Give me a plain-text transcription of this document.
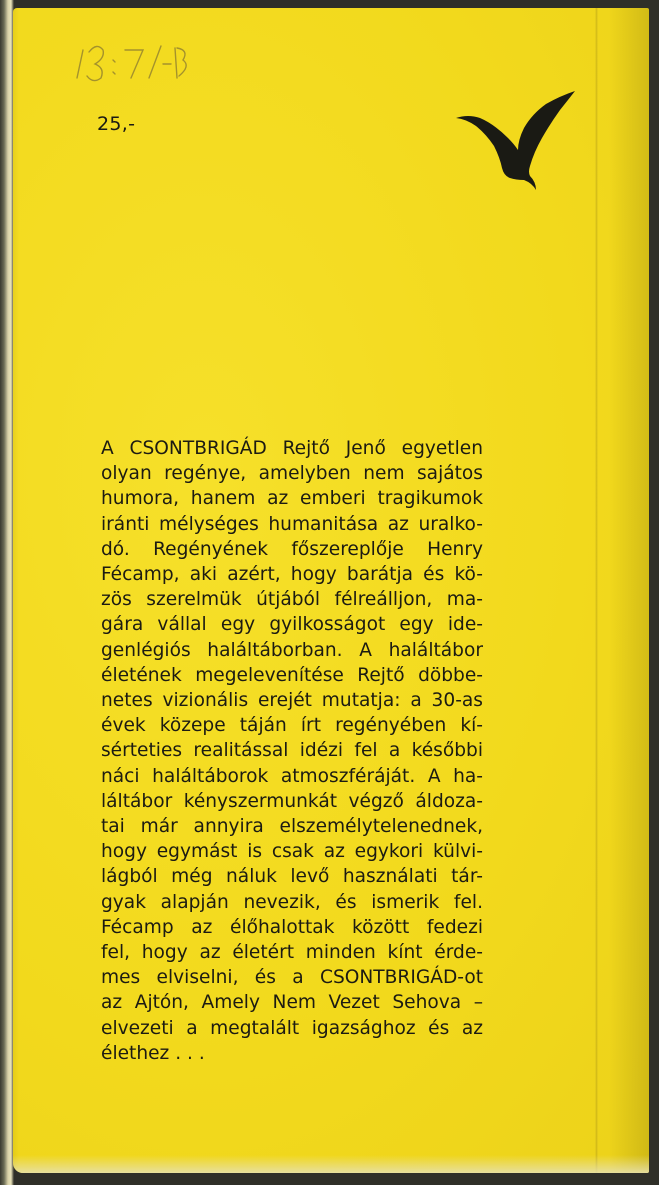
25,-
A CSONTBRIGÁD Rejtő Jenő egyetlen
olyan regénye, amelyben nem sajátos
humora, hanem az emberi tragikumok
iránti mélységes humanitása az uralko-
dó. Regényének főszereplője Henry
Fécamp, aki azért, hogy barátja és kö-
zös szerelmük útjából félreálljon, ma-
gára vállal egy gyilkosságot egy ide-
genlégiós haláltáborban. A haláltábor
életének megelevenítése Rejtő döbbe-
netes vizionális erejét mutatja: a 30-as
évek közepe táján írt regényében kí-
sérteties realitással idézi fel a későbbi
náci haláltáborok atmoszféráját. A ha-
láltábor kényszermunkát végző áldoza-
tai már annyira elszemélytelenednek,
hogy egymást is csak az egykori külvi-
lágból még náluk levő használati tár-
gyak alapján nevezik, és ismerik fel.
Fécamp az élőhalottak között fedezi
fel, hogy az életért minden kínt érde-
mes elviselni, és a CSONTBRIGÁD-ot
az Ajtón, Amely Nem Vezet Sehova –
elvezeti a megtalált igazsághoz és az
élethez . . .
